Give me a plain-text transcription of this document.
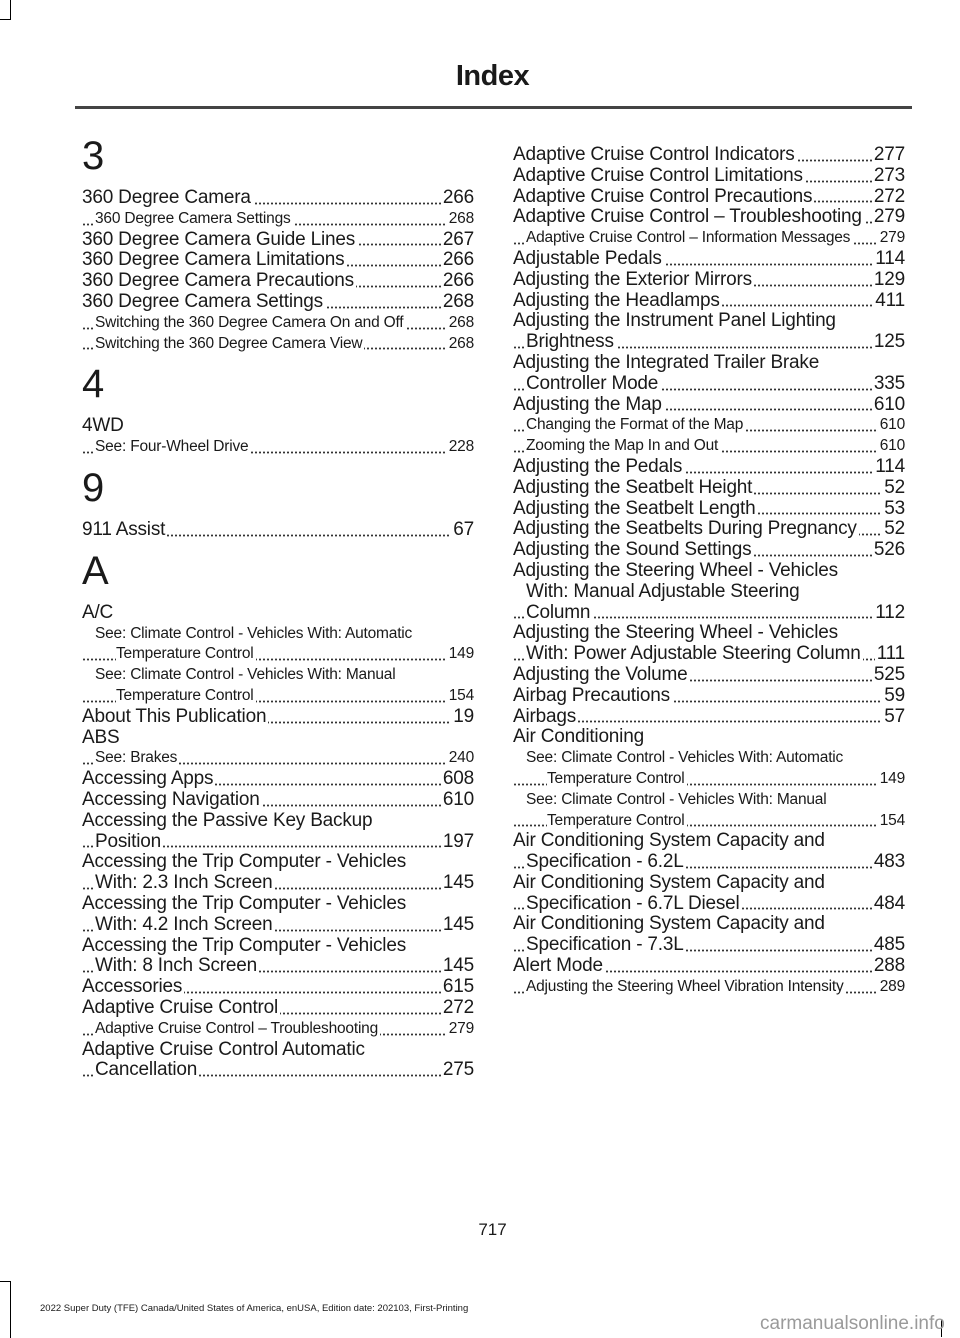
Index
3
360 Degree Camera	266
360 Degree Camera Settings	268
360 Degree Camera Guide Lines	267
360 Degree Camera Limitations	266
360 Degree Camera Precautions	266
360 Degree Camera Settings	268
Switching the 360 Degree Camera On and Off	268
Switching the 360 Degree Camera View	268
4
4WD
See: Four-Wheel Drive	228
9
911 Assist	67
A
A/C
See: Climate Control - Vehicles With: Automatic Temperature Control	149
See: Climate Control - Vehicles With: Manual Temperature Control	154
About This Publication	19
ABS
See: Brakes	240
Accessing Apps	608
Accessing Navigation	610
Accessing the Passive Key Backup Position	197
Accessing the Trip Computer - Vehicles With: 2.3 Inch Screen	145
Accessing the Trip Computer - Vehicles With: 4.2 Inch Screen	145
Accessing the Trip Computer - Vehicles With: 8 Inch Screen	145
Accessories	615
Adaptive Cruise Control	272
Adaptive Cruise Control – Troubleshooting	279
Adaptive Cruise Control Automatic Cancellation	275
Adaptive Cruise Control Indicators	277
Adaptive Cruise Control Limitations	273
Adaptive Cruise Control Precautions	272
Adaptive Cruise Control – Troubleshooting 279
Adaptive Cruise Control – Information Messages 279
Adjustable Pedals	114
Adjusting the Exterior Mirrors	129
Adjusting the Headlamps	411
Adjusting the Instrument Panel Lighting Brightness	125
Adjusting the Integrated Trailer Brake Controller Mode	335
Adjusting the Map	610
Changing the Format of the Map	610
Zooming the Map In and Out	610
Adjusting the Pedals	114
Adjusting the Seatbelt Height	52
Adjusting the Seatbelt Length	53
Adjusting the Seatbelts During Pregnancy 52
Adjusting the Sound Settings	526
Adjusting the Steering Wheel - Vehicles With: Manual Adjustable Steering Column	112
Adjusting the Steering Wheel - Vehicles With: Power Adjustable Steering Column 111
Adjusting the Volume	525
Airbag Precautions	59
Airbags	57
Air Conditioning
See: Climate Control - Vehicles With: Automatic Temperature Control	149
See: Climate Control - Vehicles With: Manual Temperature Control	154
Air Conditioning System Capacity and Specification - 6.2L	483
Air Conditioning System Capacity and Specification - 6.7L Diesel	484
Air Conditioning System Capacity and Specification - 7.3L	485
Alert Mode	288
Adjusting the Steering Wheel Vibration Intensity 289
717
2022 Super Duty (TFE) Canada/United States of America, enUSA, Edition date: 202103, First-Printing
carmanualsonline.info
